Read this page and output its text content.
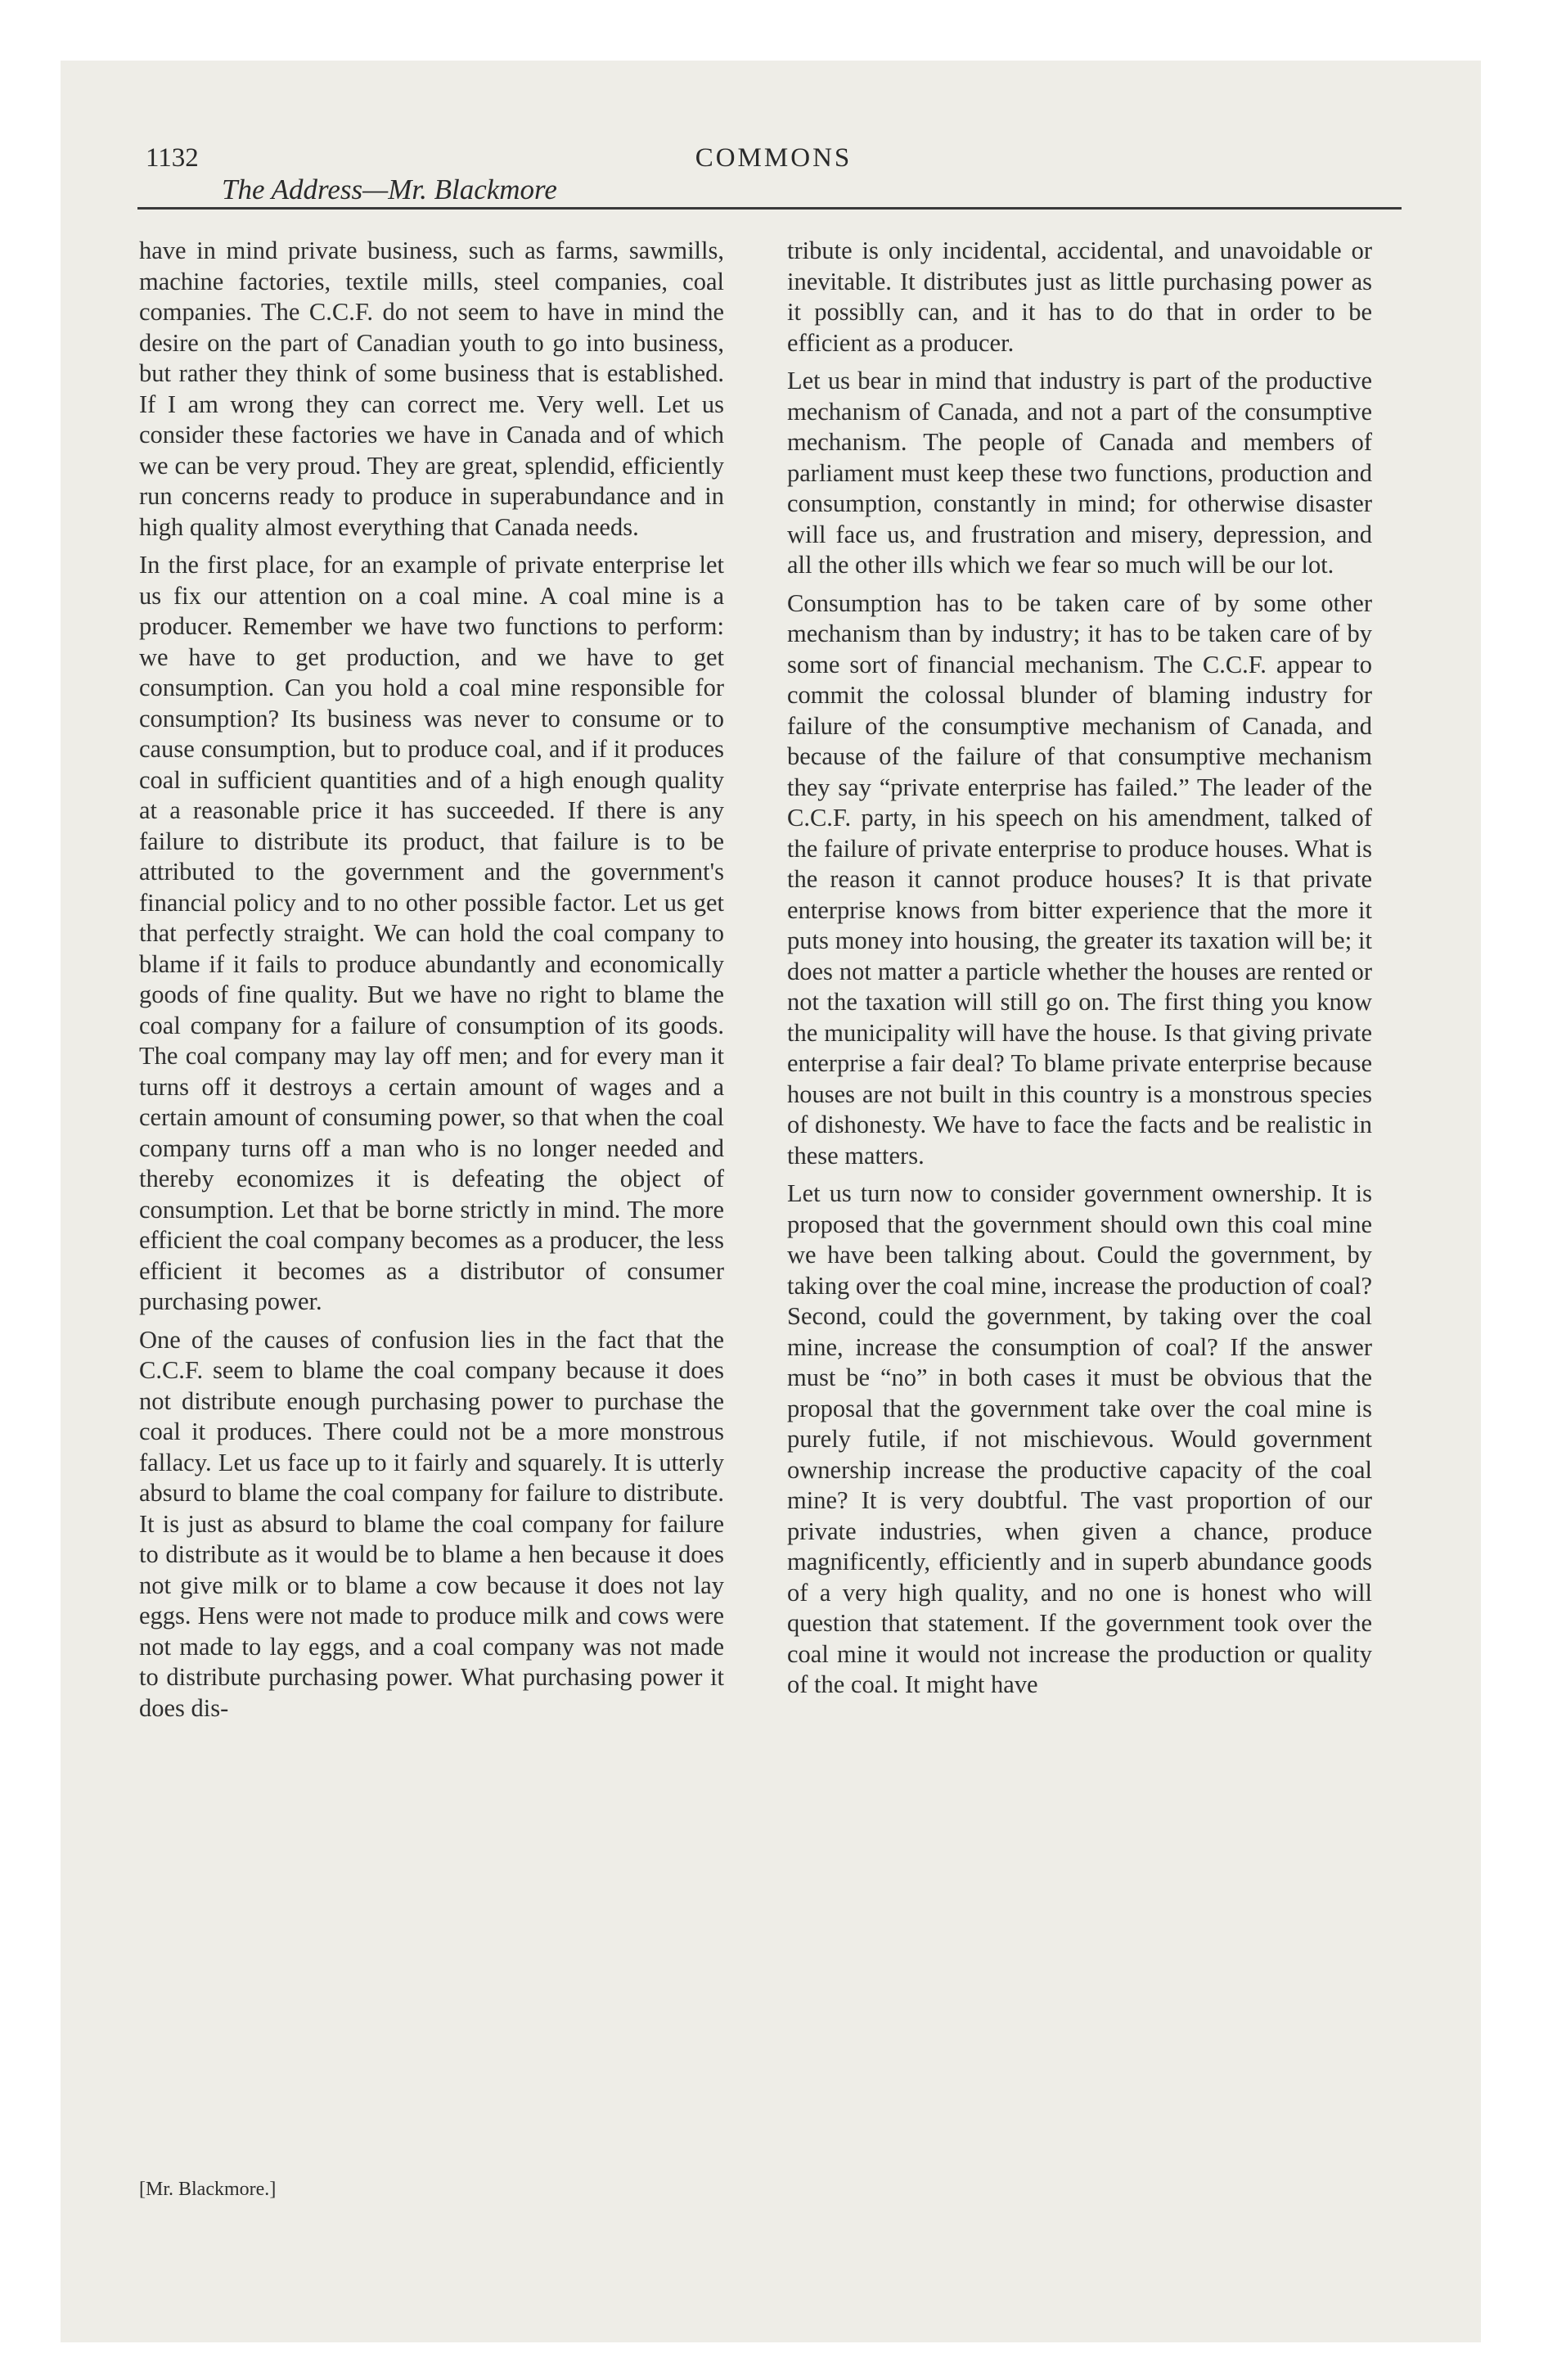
1132	COMMONS
The Address—Mr. Blackmore

have in mind private business, such as farms, sawmills, machine factories, textile mills, steel companies, coal companies. The C.C.F. do not seem to have in mind the desire on the part of Canadian youth to go into business, but rather they think of some business that is established. If I am wrong they can correct me. Very well. Let us consider these factories we have in Canada and of which we can be very proud. They are great, splendid, efficiently run concerns ready to produce in superabundance and in high quality almost everything that Canada needs.

In the first place, for an example of private enterprise let us fix our attention on a coal mine. A coal mine is a producer. Remember we have two functions to perform: we have to get production, and we have to get consumption. Can you hold a coal mine responsible for consumption? Its business was never to consume or to cause consumption, but to produce coal, and if it produces coal in sufficient quantities and of a high enough quality at a reasonable price it has succeeded. If there is any failure to distribute its product, that failure is to be attributed to the government and the government's financial policy and to no other possible factor. Let us get that perfectly straight. We can hold the coal company to blame if it fails to produce abundantly and economically goods of fine quality. But we have no right to blame the coal company for a failure of consumption of its goods. The coal company may lay off men; and for every man it turns off it destroys a certain amount of wages and a certain amount of consuming power, so that when the coal company turns off a man who is no longer needed and thereby economizes it is defeating the object of consumption. Let that be borne strictly in mind. The more efficient the coal company becomes as a producer, the less efficient it becomes as a distributor of consumer purchasing power.

One of the causes of confusion lies in the fact that the C.C.F. seem to blame the coal company because it does not distribute enough purchasing power to purchase the coal it produces. There could not be a more monstrous fallacy. Let us face up to it fairly and squarely. It is utterly absurd to blame the coal company for failure to distribute. It is just as absurd to blame the coal company for failure to distribute as it would be to blame a hen because it does not give milk or to blame a cow because it does not lay eggs. Hens were not made to produce milk and cows were not made to lay eggs, and a coal company was not made to distribute purchasing power. What purchasing power it does dis-

tribute is only incidental, accidental, and unavoidable or inevitable. It distributes just as little purchasing power as it possiblly can, and it has to do that in order to be efficient as a producer.

Let us bear in mind that industry is part of the productive mechanism of Canada, and not a part of the consumptive mechanism. The people of Canada and members of parliament must keep these two functions, production and consumption, constantly in mind; for otherwise disaster will face us, and frustration and misery, depression, and all the other ills which we fear so much will be our lot.

Consumption has to be taken care of by some other mechanism than by industry; it has to be taken care of by some sort of financial mechanism. The C.C.F. appear to commit the colossal blunder of blaming industry for failure of the consumptive mechanism of Canada, and because of the failure of that consumptive mechanism they say “private enterprise has failed.” The leader of the C.C.F. party, in his speech on his amendment, talked of the failure of private enterprise to produce houses. What is the reason it cannot produce houses? It is that private enterprise knows from bitter experience that the more it puts money into housing, the greater its taxation will be; it does not matter a particle whether the houses are rented or not the taxation will still go on. The first thing you know the municipality will have the house. Is that giving private enterprise a fair deal? To blame private enterprise because houses are not built in this country is a monstrous species of dishonesty. We have to face the facts and be realistic in these matters.

Let us turn now to consider government ownership. It is proposed that the government should own this coal mine we have been talking about. Could the government, by taking over the coal mine, increase the production of coal? Second, could the government, by taking over the coal mine, increase the consumption of coal? If the answer must be “no” in both cases it must be obvious that the proposal that the government take over the coal mine is purely futile, if not mischievous. Would government ownership increase the productive capacity of the coal mine? It is very doubtful. The vast proportion of our private industries, when given a chance, produce magnificently, efficiently and in superb abundance goods of a very high quality, and no one is honest who will question that statement. If the government took over the coal mine it would not increase the production or quality of the coal. It might have

[Mr. Blackmore.]
